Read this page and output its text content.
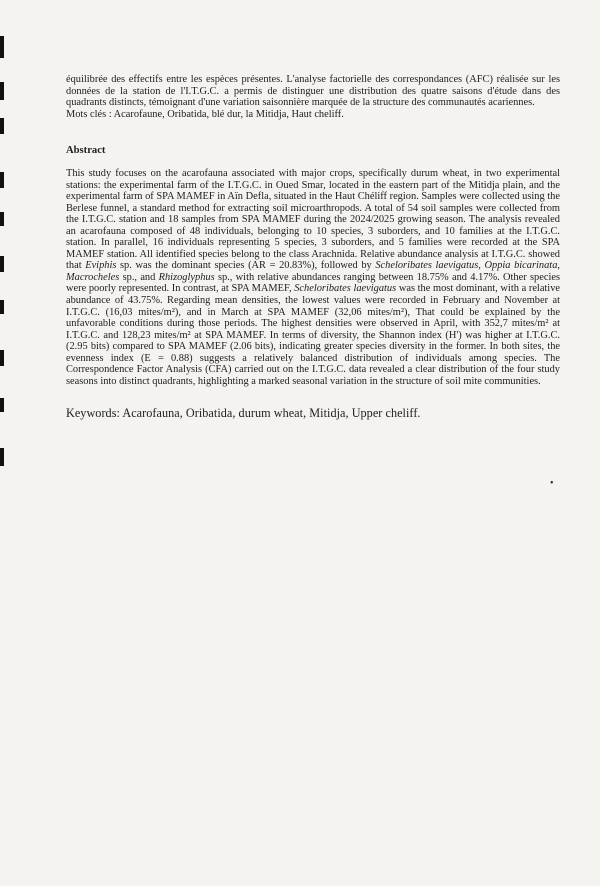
équilibrée des effectifs entre les espèces présentes. L'analyse factorielle des correspondances (AFC) réalisée sur les données de la station de l'I.T.G.C. a permis de distinguer une distribution des quatre saisons d'étude dans des quadrants distincts, témoignant d'une variation saisonnière marquée de la structure des communautés acariennes.

Mots clés : Acarofaune, Oribatida, blé dur, la Mitidja, Haut cheliff.

Abstract

This study focuses on the acarofauna associated with major crops, specifically durum wheat, in two experimental stations: the experimental farm of the I.T.G.C. in Oued Smar, located in the eastern part of the Mitidja plain, and the experimental farm of SPA MAMEF in Aïn Defla, situated in the Haut Chéliff region. Samples were collected using the Berlese funnel, a standard method for extracting soil microarthropods. A total of 54 soil samples were collected from the I.T.G.C. station and 18 samples from SPA MAMEF during the 2024/2025 growing season. The analysis revealed an acarofauna composed of 48 individuals, belonging to 10 species, 3 suborders, and 10 families at the I.T.G.C. station. In parallel, 16 individuals representing 5 species, 3 suborders, and 5 families were recorded at the SPA MAMEF station. All identified species belong to the class Arachnida. Relative abundance analysis at I.T.G.C. showed that Eviphis sp. was the dominant species (AR = 20.83%), followed by Scheloribates laevigatus, Oppia bicarinata, Macrocheles sp., and Rhizoglyphus sp., with relative abundances ranging between 18.75% and 4.17%. Other species were poorly represented. In contrast, at SPA MAMEF, Scheloribates laevigatus was the most dominant, with a relative abundance of 43.75%. Regarding mean densities, the lowest values were recorded in February and November at I.T.G.C. (16,03 mites/m²), and in March at SPA MAMEF (32,06 mites/m²), That could be explained by the unfavorable conditions during those periods. The highest densities were observed in April, with 352,7 mites/m² at I.T.G.C. and 128,23 mites/m² at SPA MAMEF. In terms of diversity, the Shannon index (H') was higher at I.T.G.C. (2.95 bits) compared to SPA MAMEF (2.06 bits), indicating greater species diversity in the former. In both sites, the evenness index (E = 0.88) suggests a relatively balanced distribution of individuals among species. The Correspondence Factor Analysis (CFA) carried out on the I.T.G.C. data revealed a clear distribution of the four study seasons into distinct quadrants, highlighting a marked seasonal variation in the structure of soil mite communities.

Keywords: Acarofauna, Oribatida, durum wheat, Mitidja, Upper cheliff.

•
